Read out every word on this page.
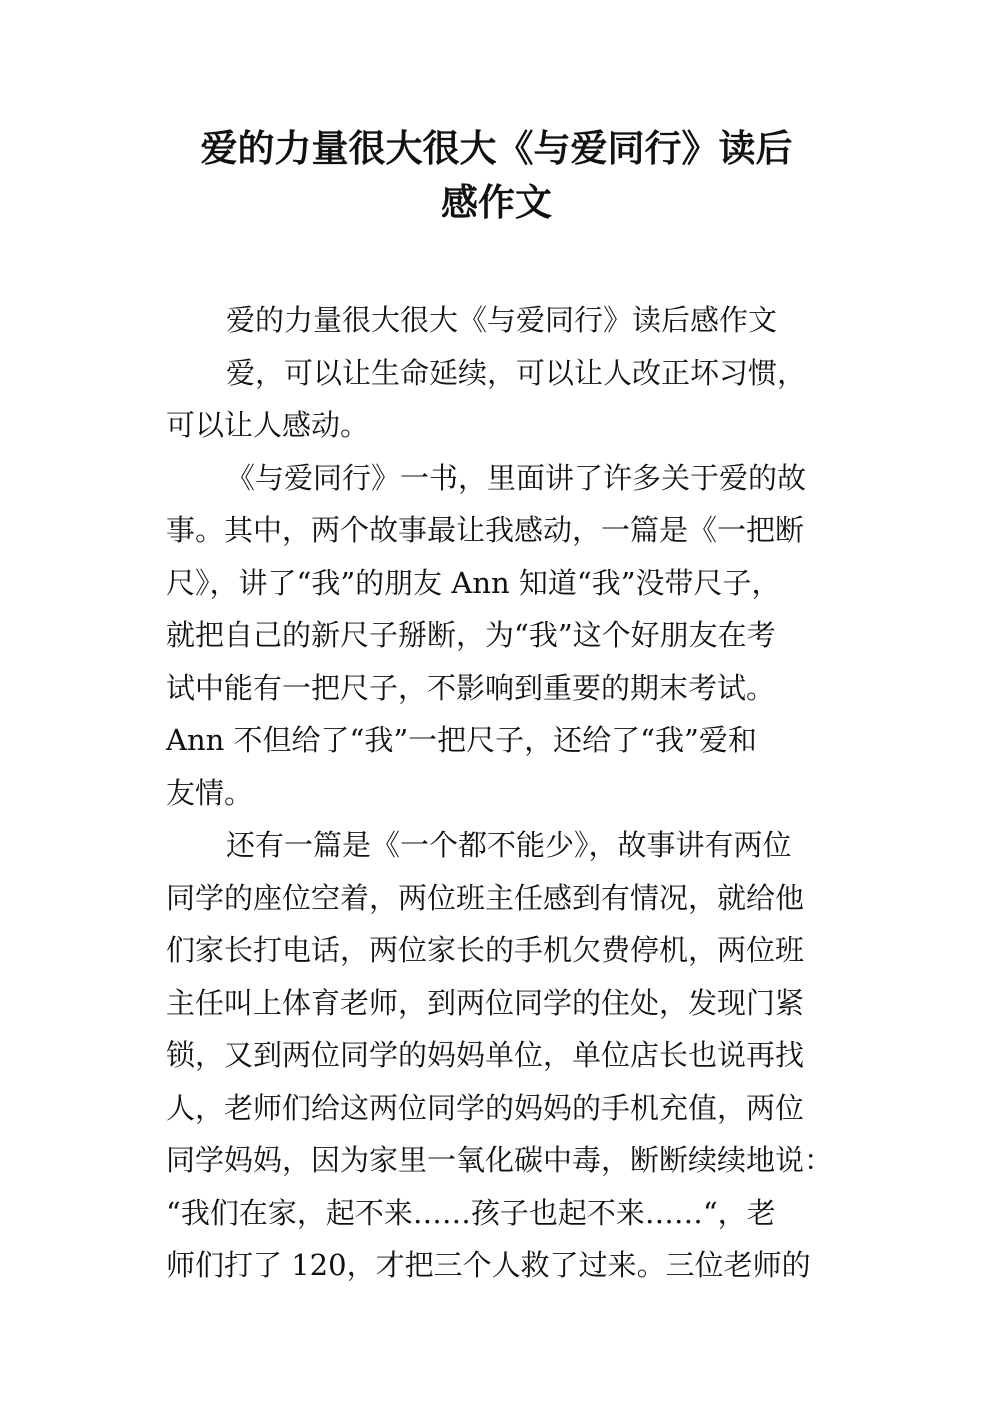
爱的力量很大很大《与爱同行》读后
感作文
爱的力量很大很大《与爱同行》读后感作文
爱，可以让生命延续，可以让人改正坏习惯，
可以让人感动。
《与爱同行》一书，里面讲了许多关于爱的故
事。其中，两个故事最让我感动，一篇是《一把断
尺》，讲了“我”的朋友 Ann 知道“我”没带尺子，
就把自己的新尺子掰断，为“我”这个好朋友在考
试中能有一把尺子，不影响到重要的期末考试。
Ann 不但给了“我”一把尺子，还给了“我”爱和
友情。
还有一篇是《一个都不能少》，故事讲有两位
同学的座位空着，两位班主任感到有情况，就给他
们家长打电话，两位家长的手机欠费停机，两位班
主任叫上体育老师，到两位同学的住处，发现门紧
锁，又到两位同学的妈妈单位，单位店长也说再找
人，老师们给这两位同学的妈妈的手机充值，两位
同学妈妈，因为家里一氧化碳中毒，断断续续地说：
“我们在家，起不来……孩子也起不来……“，老
师们打了 120，才把三个人救了过来。三位老师的
